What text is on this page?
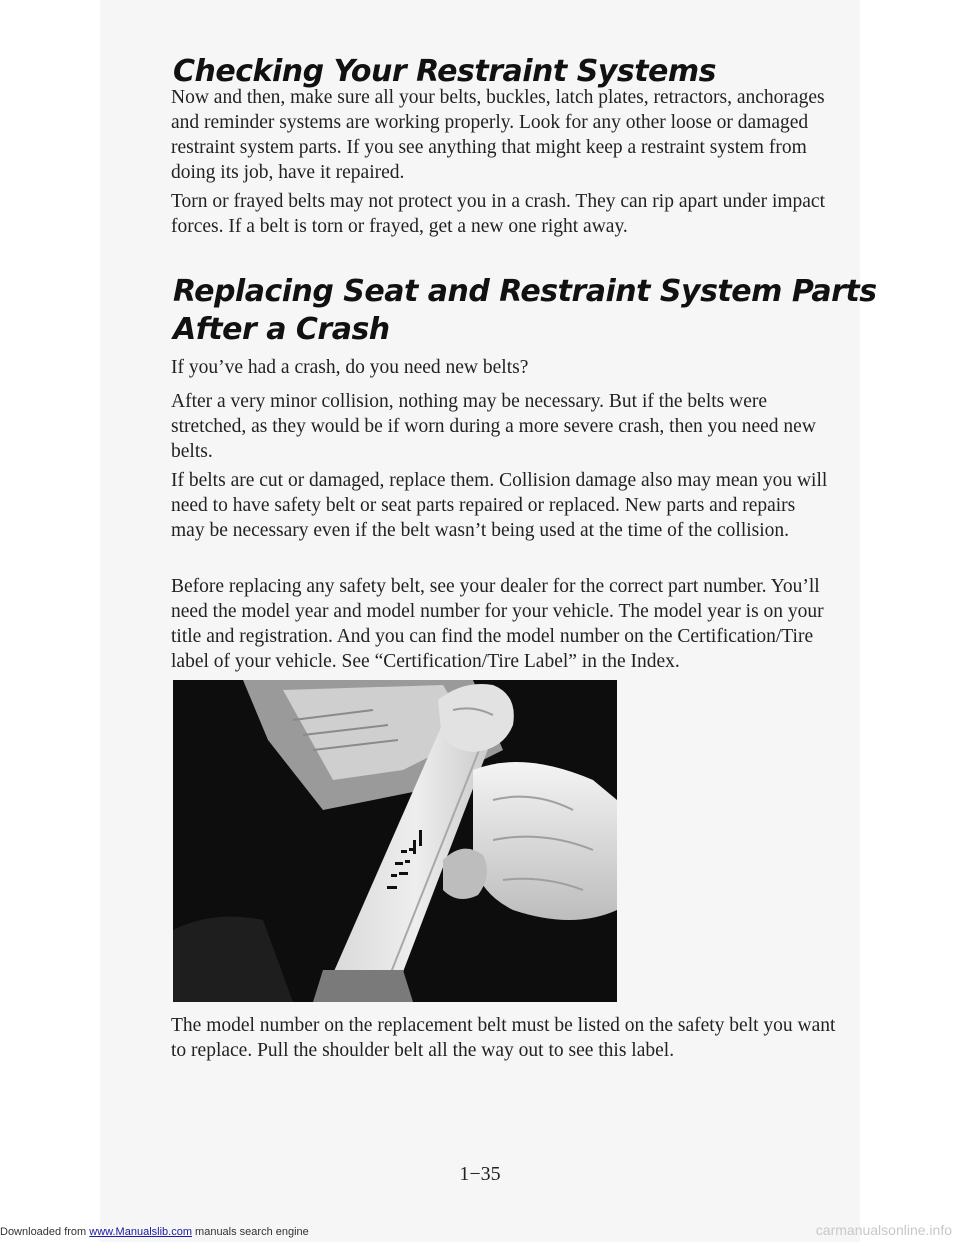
Checking Your Restraint Systems

Now and then, make sure all your belts, buckles, latch plates, retractors, anchorages and reminder systems are working properly. Look for any other loose or damaged restraint system parts. If you see anything that might keep a restraint system from doing its job, have it repaired.

Torn or frayed belts may not protect you in a crash. They can rip apart under impact forces. If a belt is torn or frayed, get a new one right away.

Replacing Seat and Restraint System Parts
After a Crash

If you’ve had a crash, do you need new belts?

After a very minor collision, nothing may be necessary. But if the belts were stretched, as they would be if worn during a more severe crash, then you need new belts.

If belts are cut or damaged, replace them. Collision damage also may mean you will need to have safety belt or seat parts repaired or replaced. New parts and repairs may be necessary even if the belt wasn’t being used at the time of the collision.

Before replacing any safety belt, see your dealer for the correct part number. You’ll need the model year and model number for your vehicle. The model year is on your title and registration. And you can find the model number on the Certification/Tire label of your vehicle. See “Certification/Tire Label” in the Index.

The model number on the replacement belt must be listed on the safety belt you want to replace. Pull the shoulder belt all the way out to see this label.

1−35
Downloaded from www.Manualslib.com manuals search engine	carmanualsonline.info
